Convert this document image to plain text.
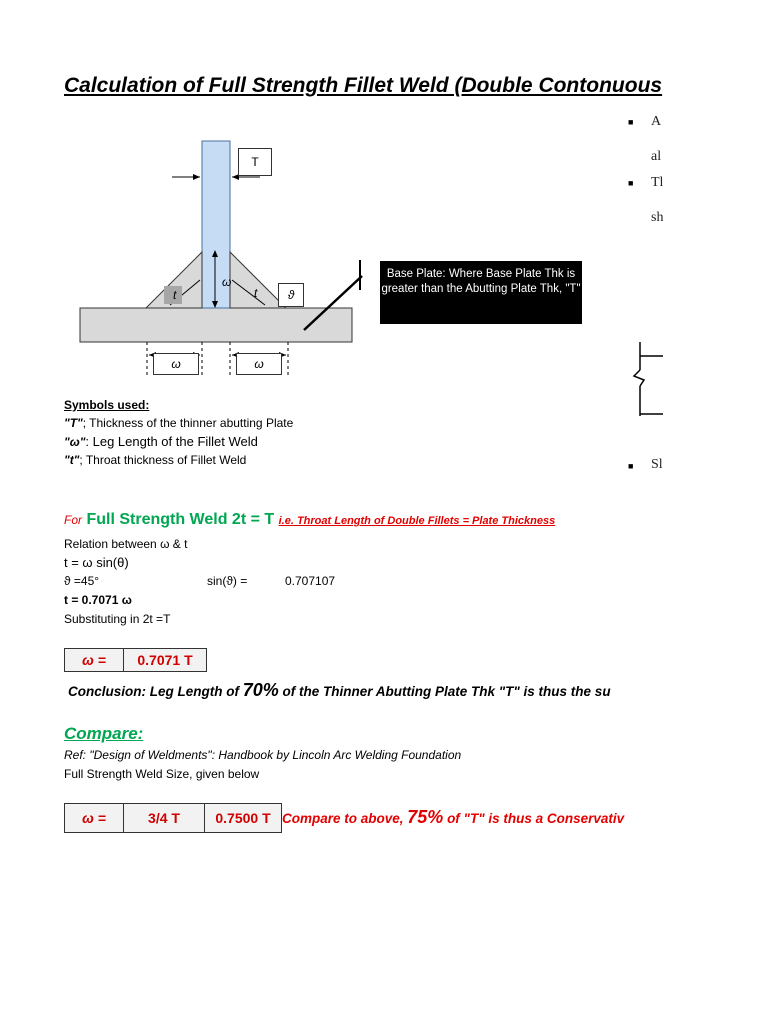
Calculation of Full Strength Fillet Weld (Double Contonuous
T
ω
t	t	ϑ
ω	ω
Base Plate: Where Base Plate Thk is greater than the Abutting Plate Thk, "T"
Symbols used:
"T"; Thickness of the thinner abutting Plate
"ω": Leg Length of the Fillet Weld
"t"; Throat thickness of Fillet Weld
For Full Strength Weld 2t = T i.e. Throat Length of Double Fillets = Plate Thickness
Relation between ω & t
t = ω sin(θ)
ϑ =45°	sin(ϑ) =	0.707107
t = 0.7071 ω
Substituting in 2t =T
ω =	0.7071 T
Conclusion: Leg Length of 70% of the Thinner Abutting Plate Thk "T" is thus the su
Compare:
Ref: "Design of Weldments": Handbook by Lincoln Arc Welding Foundation
Full Strength Weld Size, given below
ω =	3/4 T	0.7500 T Compare to above, 75% of "T" is thus a Conservativ
■ A
al
■ Tl
sh
■ Sl
